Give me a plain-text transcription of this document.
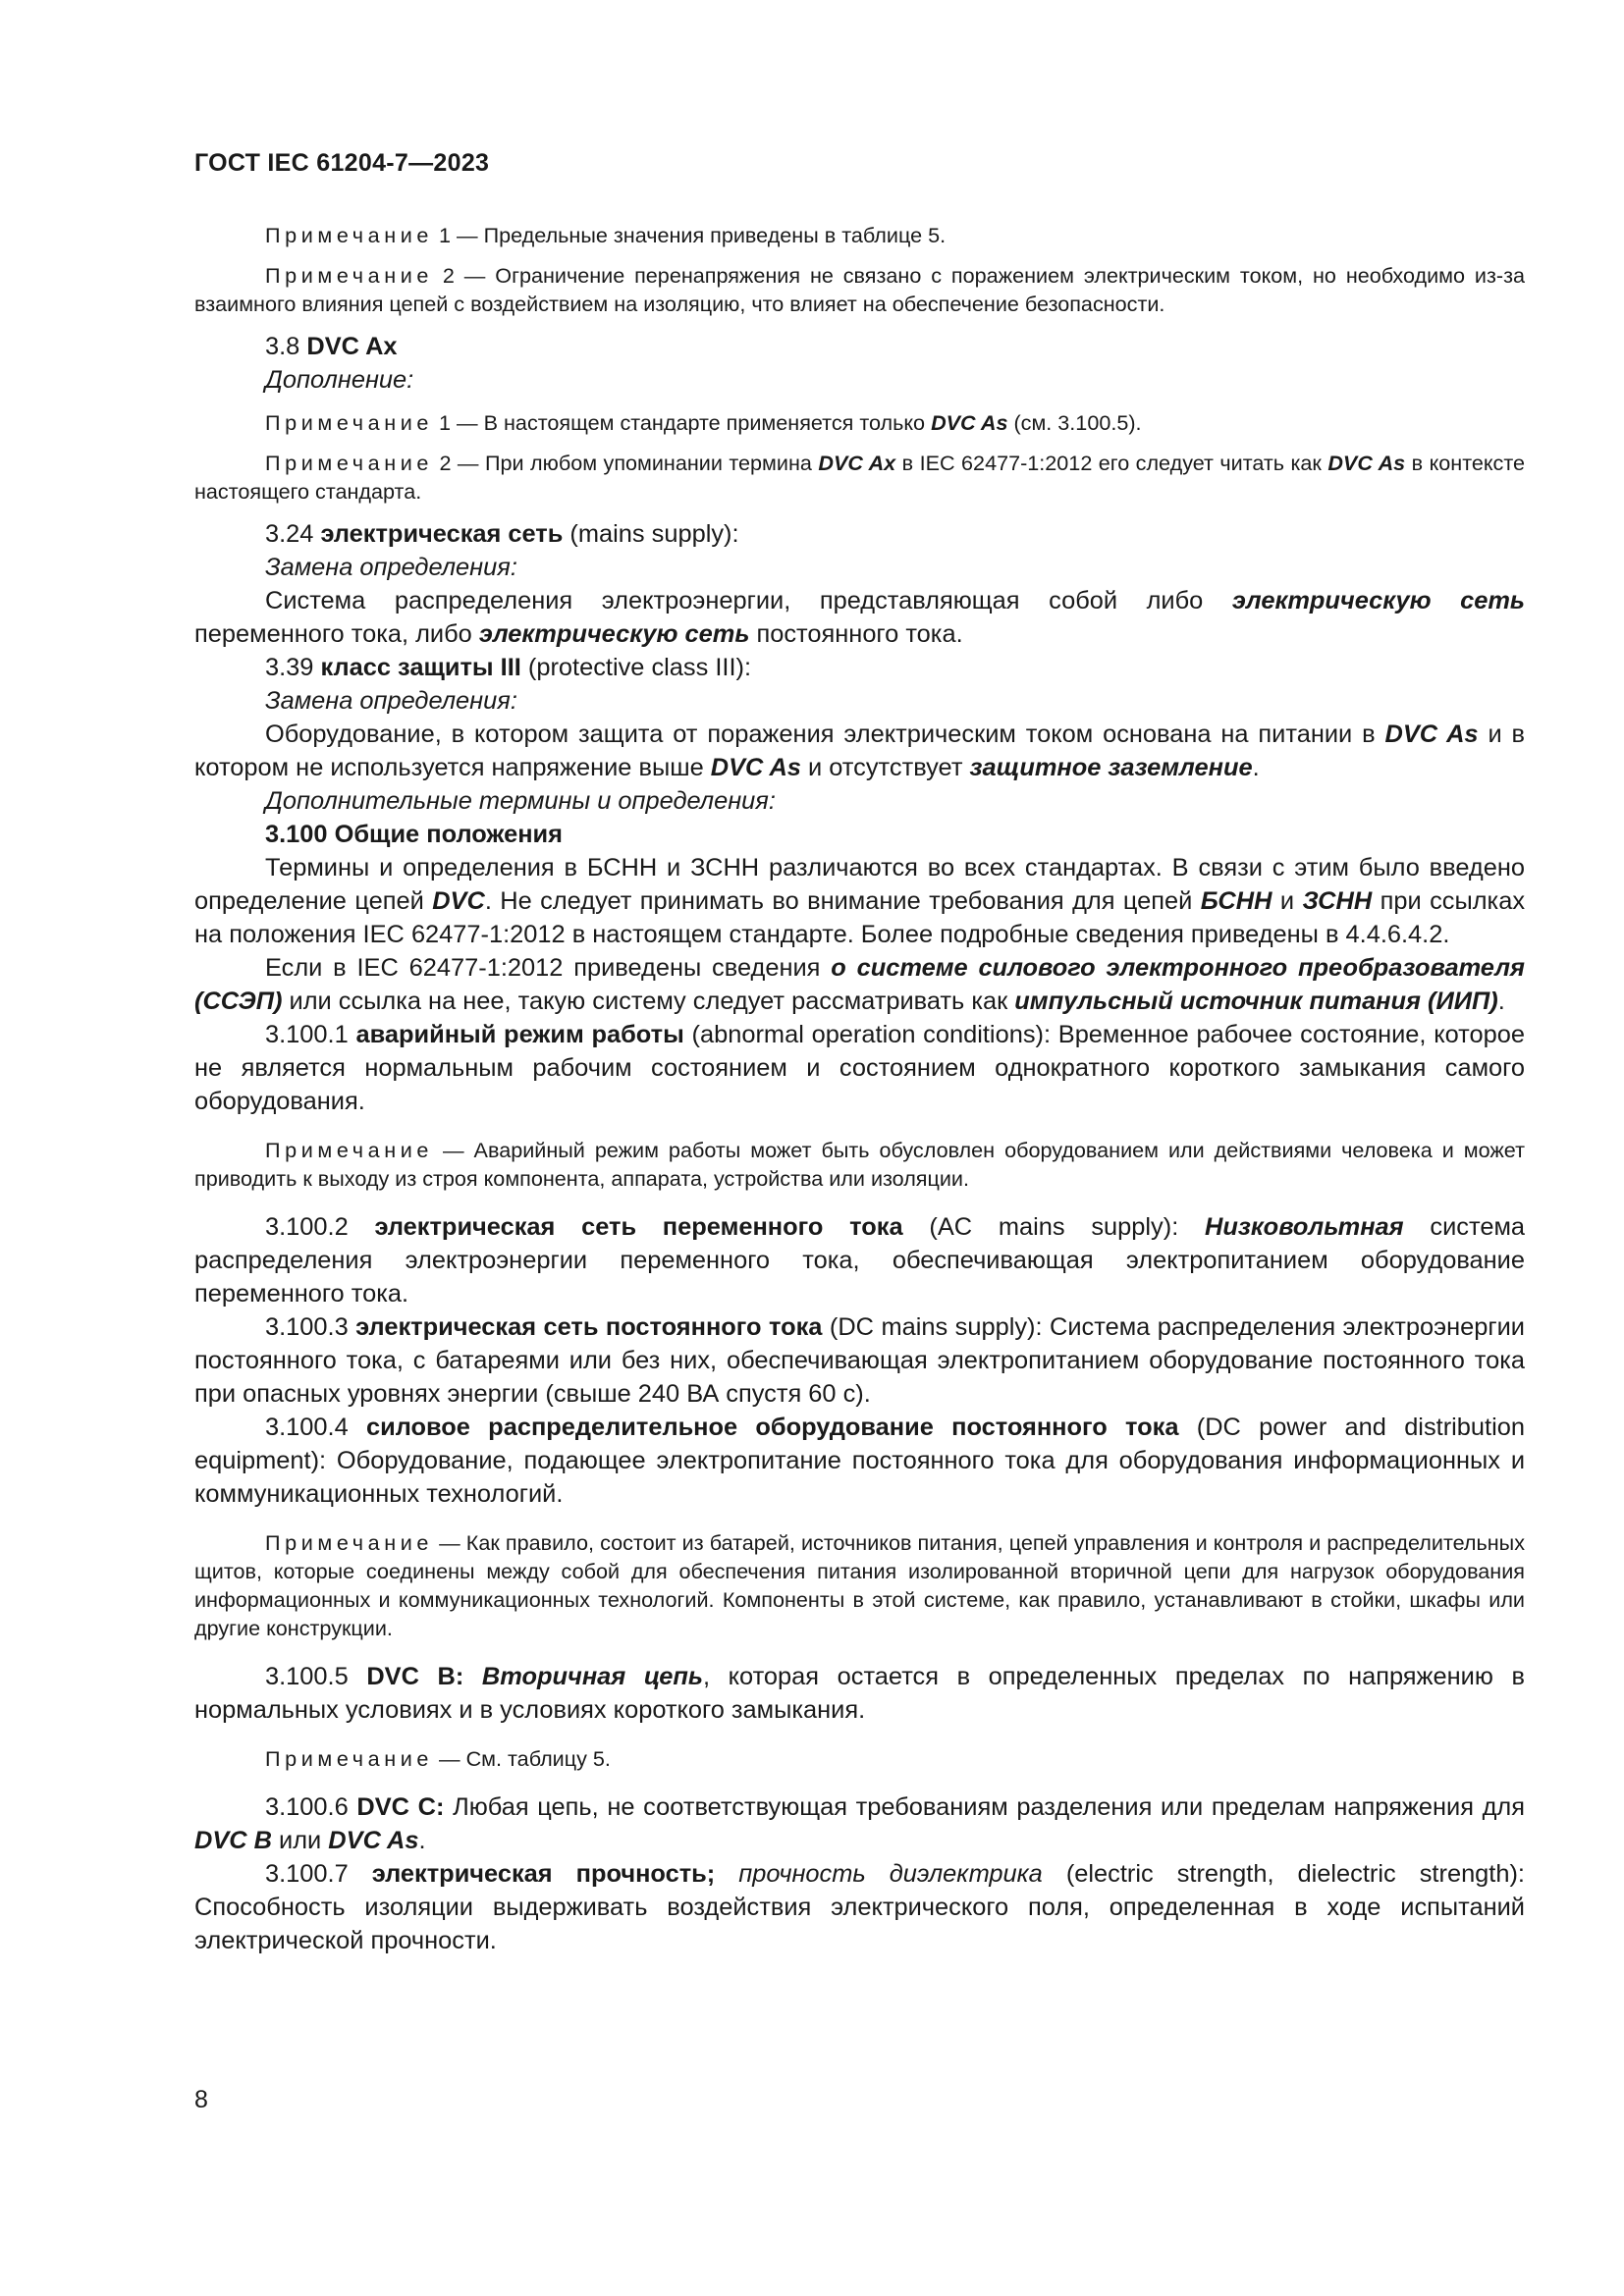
ГОСТ IEC 61204-7—2023

Примечание 1 — Предельные значения приведены в таблице 5.

Примечание 2 — Ограничение перенапряжения не связано с поражением электрическим током, но необходимо из-за взаимного влияния цепей с воздействием на изоляцию, что влияет на обеспечение безопасности.

3.8 DVC Ax

Дополнение:

Примечание 1 — В настоящем стандарте применяется только DVC As (см. 3.100.5).

Примечание 2 — При любом упоминании термина DVC Ax в IEC 62477-1:2012 его следует читать как DVC As в контексте настоящего стандарта.

3.24 электрическая сеть (mains supply):

Замена определения:

Система распределения электроэнергии, представляющая собой либо электрическую сеть переменного тока, либо электрическую сеть постоянного тока.

3.39 класс защиты III (protective class III):

Замена определения:

Оборудование, в котором защита от поражения электрическим током основана на питании в DVC As и в котором не используется напряжение выше DVC As и отсутствует защитное заземление.

Дополнительные термины и определения:

3.100 Общие положения

Термины и определения в БСНН и ЗСНН различаются во всех стандартах. В связи с этим было введено определение цепей DVC. Не следует принимать во внимание требования для цепей БСНН и ЗСНН при ссылках на положения IEC 62477-1:2012 в настоящем стандарте. Более подробные сведения приведены в 4.4.6.4.2.

Если в IEC 62477-1:2012 приведены сведения о системе силового электронного преобразователя (ССЭП) или ссылка на нее, такую систему следует рассматривать как импульсный источник питания (ИИП).

3.100.1 аварийный режим работы (abnormal operation conditions): Временное рабочее состояние, которое не является нормальным рабочим состоянием и состоянием однократного короткого замыкания самого оборудования.

Примечание — Аварийный режим работы может быть обусловлен оборудованием или действиями человека и может приводить к выходу из строя компонента, аппарата, устройства или изоляции.

3.100.2 электрическая сеть переменного тока (AC mains supply): Низковольтная система распределения электроэнергии переменного тока, обеспечивающая электропитанием оборудование переменного тока.

3.100.3 электрическая сеть постоянного тока (DC mains supply): Система распределения электроэнергии постоянного тока, с батареями или без них, обеспечивающая электропитанием оборудование постоянного тока при опасных уровнях энергии (свыше 240 ВА спустя 60 с).

3.100.4 силовое распределительное оборудование постоянного тока (DC power and distribution equipment): Оборудование, подающее электропитание постоянного тока для оборудования информационных и коммуникационных технологий.

Примечание — Как правило, состоит из батарей, источников питания, цепей управления и контроля и распределительных щитов, которые соединены между собой для обеспечения питания изолированной вторичной цепи для нагрузок оборудования информационных и коммуникационных технологий. Компоненты в этой системе, как правило, устанавливают в стойки, шкафы или другие конструкции.

3.100.5 DVC B: Вторичная цепь, которая остается в определенных пределах по напряжению в нормальных условиях и в условиях короткого замыкания.

Примечание — См. таблицу 5.

3.100.6 DVC C: Любая цепь, не соответствующая требованиям разделения или пределам напряжения для DVC B или DVC As.

3.100.7 электрическая прочность; прочность диэлектрика (electric strength, dielectric strength): Способность изоляции выдерживать воздействия электрического поля, определенная в ходе испытаний электрической прочности.

8
